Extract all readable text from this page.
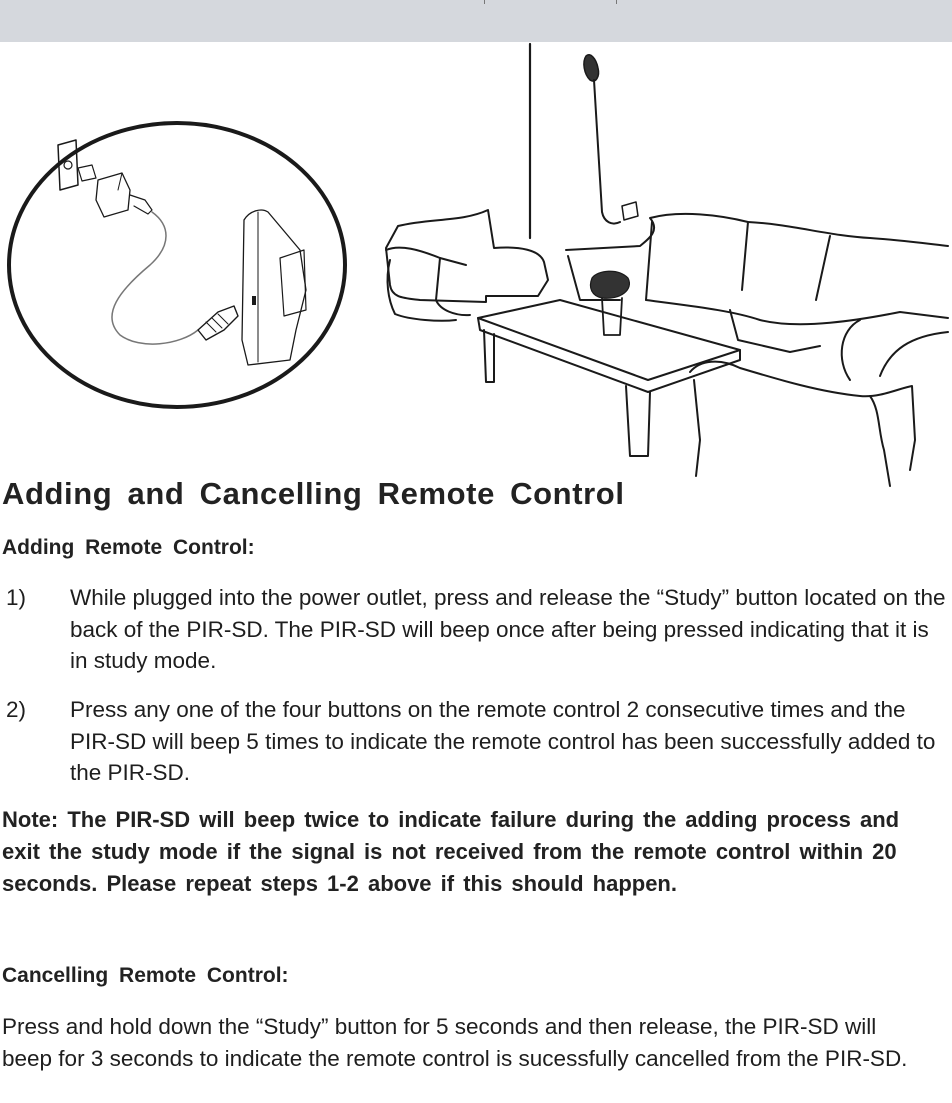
Adding and Cancelling Remote Control
Adding Remote Control:
1) While plugged into the power outlet, press and release the “Study” button located on the back of the PIR-SD. The PIR-SD will beep once after being pressed indicating that it is in study mode.
2) Press any one of the four buttons on the remote control 2 consecutive times and the PIR-SD will beep 5 times to indicate the remote control has been successfully added to the PIR-SD.
Note: The PIR-SD will beep twice to indicate failure during the adding process and exit the study mode if the signal is not received from the remote control within 20 seconds. Please repeat steps 1-2 above if this should happen.
Cancelling Remote Control:
Press and hold down the “Study” button for 5 seconds and then release, the PIR-SD will beep for 3 seconds to indicate the remote control is sucessfully cancelled from the PIR-SD.
